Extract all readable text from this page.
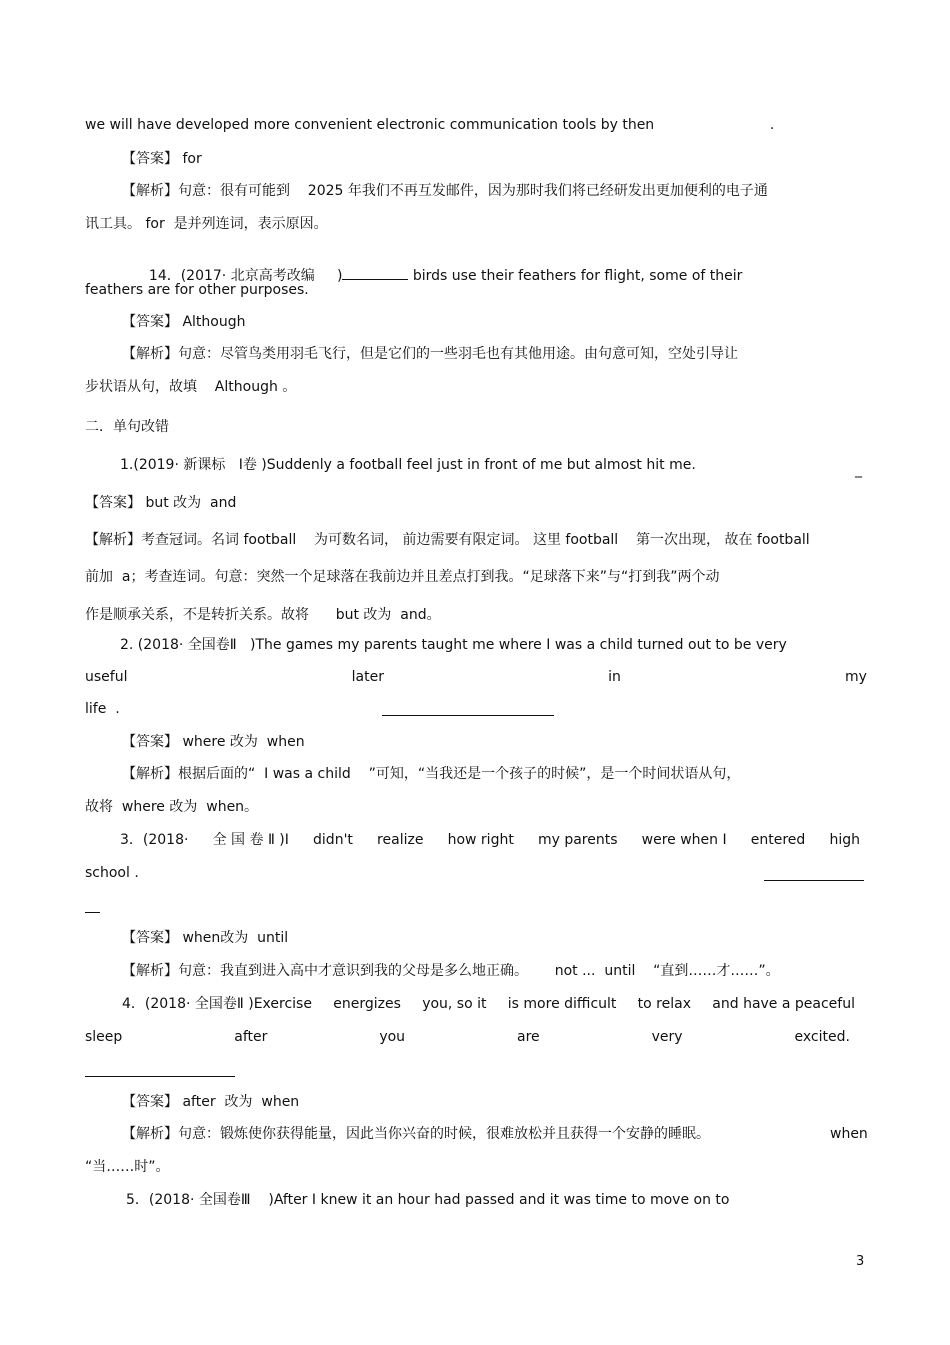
we will have developed more convenient electronic communication tools by then                          .
【答案】 for
【解析】句意：很有可能到    2025 年我们不再互发邮件，因为那时我们将已经研发出更加便利的电子通
讯工具。 for  是并列连词，表示原因。

14．(2017· 北京高考改编     )	birds use their feathers for flight, some of their

feathers are for other purposes.
【答案】 Although
【解析】句意：尽管鸟类用羽毛飞行，但是它们的一些羽毛也有其他用途。由句意可知，空处引导让
步状语从句，故填    Although 。
二．单句改错
1.(2019· 新课标   Ⅰ卷 )Suddenly a football feel just in front of me but almost hit me.	_
【答案】 but 改为  and
【解析】考查冠词。名词 football    为可数名词， 前边需要有限定词。 这里 football    第一次出现， 故在 football
前加  a；考查连词。句意：突然一个足球落在我前边并且差点打到我。“足球落下来”与“打到我”两个动
作是顺承关系，不是转折关系。故将      but 改为  and。
2. (2018· 全国卷Ⅱ   )The games my parents taught me where I was a child turned out to be very
useful	later	in	my
life  .
【答案】 where 改为  when
【解析】根据后面的“  I was a child    ”可知，“当我还是一个孩子的时候”，是一个时间状语从句，
故将  where 改为  when。
3．(2018· 全 国 卷 Ⅱ )I didn't realize how right my parents were when I entered high
school .
【答案】 when改为  until
【解析】句意：我直到进入高中才意识到我的父母是多么地正确。      not ...  until    “直到……才……”。
4．(2018· 全国卷Ⅱ )Exercise energizes you, so it is more difficult to relax and have a peaceful
sleep	after	you	are	very	excited.
【答案】 after  改为  when
【解析】句意：锻炼使你获得能量，因此当你兴奋的时候，很难放松并且获得一个安静的睡眠。	when
“当……时”。
5．(2018· 全国卷Ⅲ    )After I knew it an hour had passed and it was time to move on to
3
